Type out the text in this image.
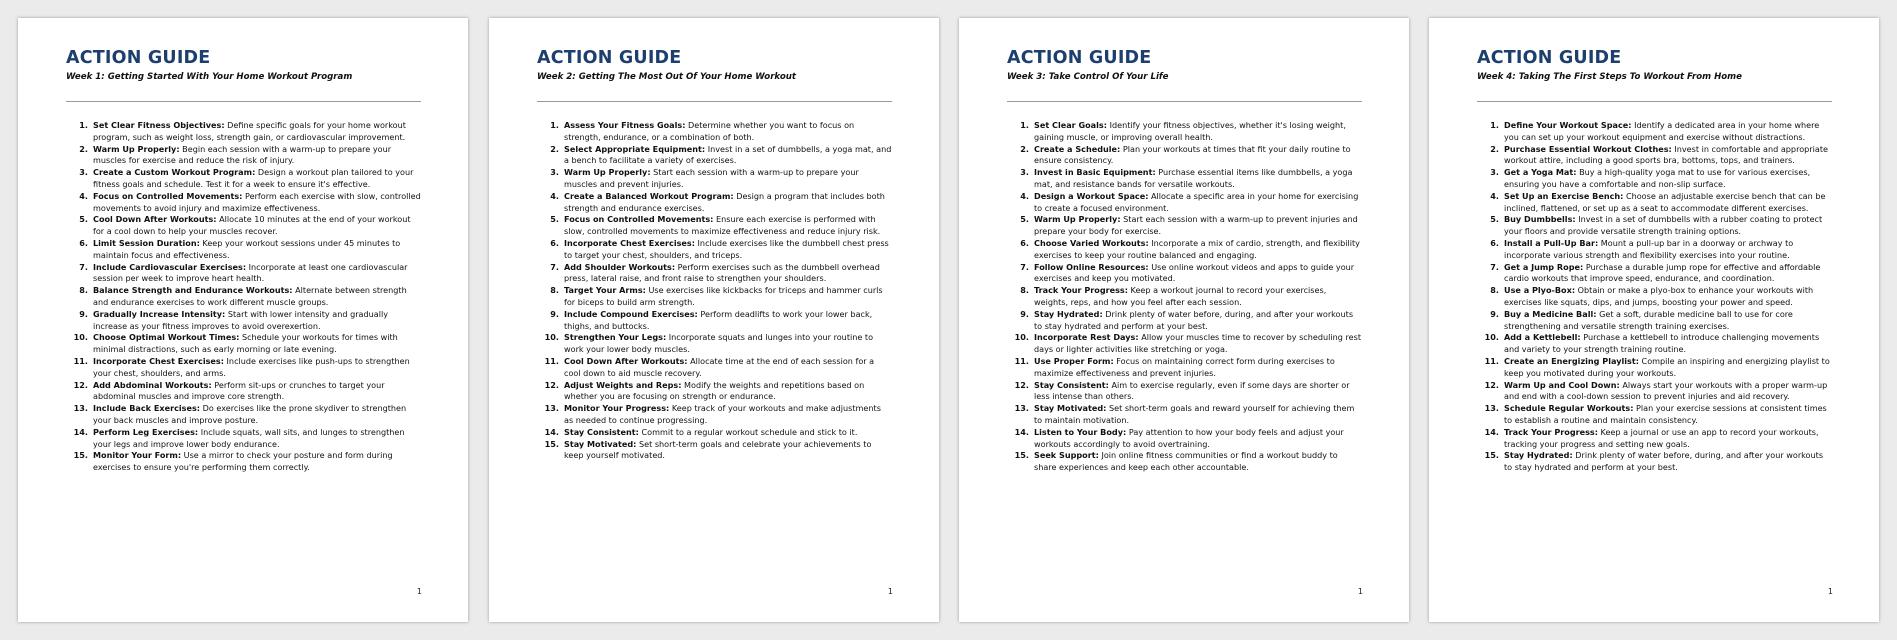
ACTION GUIDE
Week 1: Getting Started With Your Home Workout Program
1. Set Clear Fitness Objectives: Define specific goals for your home workout program, such as weight loss, strength gain, or cardiovascular improvement.
2. Warm Up Properly: Begin each session with a warm-up to prepare your muscles for exercise and reduce the risk of injury.
3. Create a Custom Workout Program: Design a workout plan tailored to your fitness goals and schedule. Test it for a week to ensure it's effective.
4. Focus on Controlled Movements: Perform each exercise with slow, controlled movements to avoid injury and maximize effectiveness.
5. Cool Down After Workouts: Allocate 10 minutes at the end of your workout for a cool down to help your muscles recover.
6. Limit Session Duration: Keep your workout sessions under 45 minutes to maintain focus and effectiveness.
7. Include Cardiovascular Exercises: Incorporate at least one cardiovascular session per week to improve heart health.
8. Balance Strength and Endurance Workouts: Alternate between strength and endurance exercises to work different muscle groups.
9. Gradually Increase Intensity: Start with lower intensity and gradually increase as your fitness improves to avoid overexertion.
10. Choose Optimal Workout Times: Schedule your workouts for times with minimal distractions, such as early morning or late evening.
11. Incorporate Chest Exercises: Include exercises like push-ups to strengthen your chest, shoulders, and arms.
12. Add Abdominal Workouts: Perform sit-ups or crunches to target your abdominal muscles and improve core strength.
13. Include Back Exercises: Do exercises like the prone skydiver to strengthen your back muscles and improve posture.
14. Perform Leg Exercises: Include squats, wall sits, and lunges to strengthen your legs and improve lower body endurance.
15. Monitor Your Form: Use a mirror to check your posture and form during exercises to ensure you're performing them correctly.
1
ACTION GUIDE
Week 2: Getting The Most Out Of Your Home Workout
1. Assess Your Fitness Goals: Determine whether you want to focus on strength, endurance, or a combination of both.
2. Select Appropriate Equipment: Invest in a set of dumbbells, a yoga mat, and a bench to facilitate a variety of exercises.
3. Warm Up Properly: Start each session with a warm-up to prepare your muscles and prevent injuries.
4. Create a Balanced Workout Program: Design a program that includes both strength and endurance exercises.
5. Focus on Controlled Movements: Ensure each exercise is performed with slow, controlled movements to maximize effectiveness and reduce injury risk.
6. Incorporate Chest Exercises: Include exercises like the dumbbell chest press to target your chest, shoulders, and triceps.
7. Add Shoulder Workouts: Perform exercises such as the dumbbell overhead press, lateral raise, and front raise to strengthen your shoulders.
8. Target Your Arms: Use exercises like kickbacks for triceps and hammer curls for biceps to build arm strength.
9. Include Compound Exercises: Perform deadlifts to work your lower back, thighs, and buttocks.
10. Strengthen Your Legs: Incorporate squats and lunges into your routine to work your lower body muscles.
11. Cool Down After Workouts: Allocate time at the end of each session for a cool down to aid muscle recovery.
12. Adjust Weights and Reps: Modify the weights and repetitions based on whether you are focusing on strength or endurance.
13. Monitor Your Progress: Keep track of your workouts and make adjustments as needed to continue progressing.
14. Stay Consistent: Commit to a regular workout schedule and stick to it.
15. Stay Motivated: Set short-term goals and celebrate your achievements to keep yourself motivated.
1
ACTION GUIDE
Week 3: Take Control Of Your Life
1. Set Clear Goals: Identify your fitness objectives, whether it's losing weight, gaining muscle, or improving overall health.
2. Create a Schedule: Plan your workouts at times that fit your daily routine to ensure consistency.
3. Invest in Basic Equipment: Purchase essential items like dumbbells, a yoga mat, and resistance bands for versatile workouts.
4. Design a Workout Space: Allocate a specific area in your home for exercising to create a focused environment.
5. Warm Up Properly: Start each session with a warm-up to prevent injuries and prepare your body for exercise.
6. Choose Varied Workouts: Incorporate a mix of cardio, strength, and flexibility exercises to keep your routine balanced and engaging.
7. Follow Online Resources: Use online workout videos and apps to guide your exercises and keep you motivated.
8. Track Your Progress: Keep a workout journal to record your exercises, weights, reps, and how you feel after each session.
9. Stay Hydrated: Drink plenty of water before, during, and after your workouts to stay hydrated and perform at your best.
10. Incorporate Rest Days: Allow your muscles time to recover by scheduling rest days or lighter activities like stretching or yoga.
11. Use Proper Form: Focus on maintaining correct form during exercises to maximize effectiveness and prevent injuries.
12. Stay Consistent: Aim to exercise regularly, even if some days are shorter or less intense than others.
13. Stay Motivated: Set short-term goals and reward yourself for achieving them to maintain motivation.
14. Listen to Your Body: Pay attention to how your body feels and adjust your workouts accordingly to avoid overtraining.
15. Seek Support: Join online fitness communities or find a workout buddy to share experiences and keep each other accountable.
1
ACTION GUIDE
Week 4: Taking The First Steps To Workout From Home
1. Define Your Workout Space: Identify a dedicated area in your home where you can set up your workout equipment and exercise without distractions.
2. Purchase Essential Workout Clothes: Invest in comfortable and appropriate workout attire, including a good sports bra, bottoms, tops, and trainers.
3. Get a Yoga Mat: Buy a high-quality yoga mat to use for various exercises, ensuring you have a comfortable and non-slip surface.
4. Set Up an Exercise Bench: Choose an adjustable exercise bench that can be inclined, flattened, or set up as a seat to accommodate different exercises.
5. Buy Dumbbells: Invest in a set of dumbbells with a rubber coating to protect your floors and provide versatile strength training options.
6. Install a Pull-Up Bar: Mount a pull-up bar in a doorway or archway to incorporate various strength and flexibility exercises into your routine.
7. Get a Jump Rope: Purchase a durable jump rope for effective and affordable cardio workouts that improve speed, endurance, and coordination.
8. Use a Plyo-Box: Obtain or make a plyo-box to enhance your workouts with exercises like squats, dips, and jumps, boosting your power and speed.
9. Buy a Medicine Ball: Get a soft, durable medicine ball to use for core strengthening and versatile strength training exercises.
10. Add a Kettlebell: Purchase a kettlebell to introduce challenging movements and variety to your strength training routine.
11. Create an Energizing Playlist: Compile an inspiring and energizing playlist to keep you motivated during your workouts.
12. Warm Up and Cool Down: Always start your workouts with a proper warm-up and end with a cool-down session to prevent injuries and aid recovery.
13. Schedule Regular Workouts: Plan your exercise sessions at consistent times to establish a routine and maintain consistency.
14. Track Your Progress: Keep a journal or use an app to record your workouts, tracking your progress and setting new goals.
15. Stay Hydrated: Drink plenty of water before, during, and after your workouts to stay hydrated and perform at your best.
1
